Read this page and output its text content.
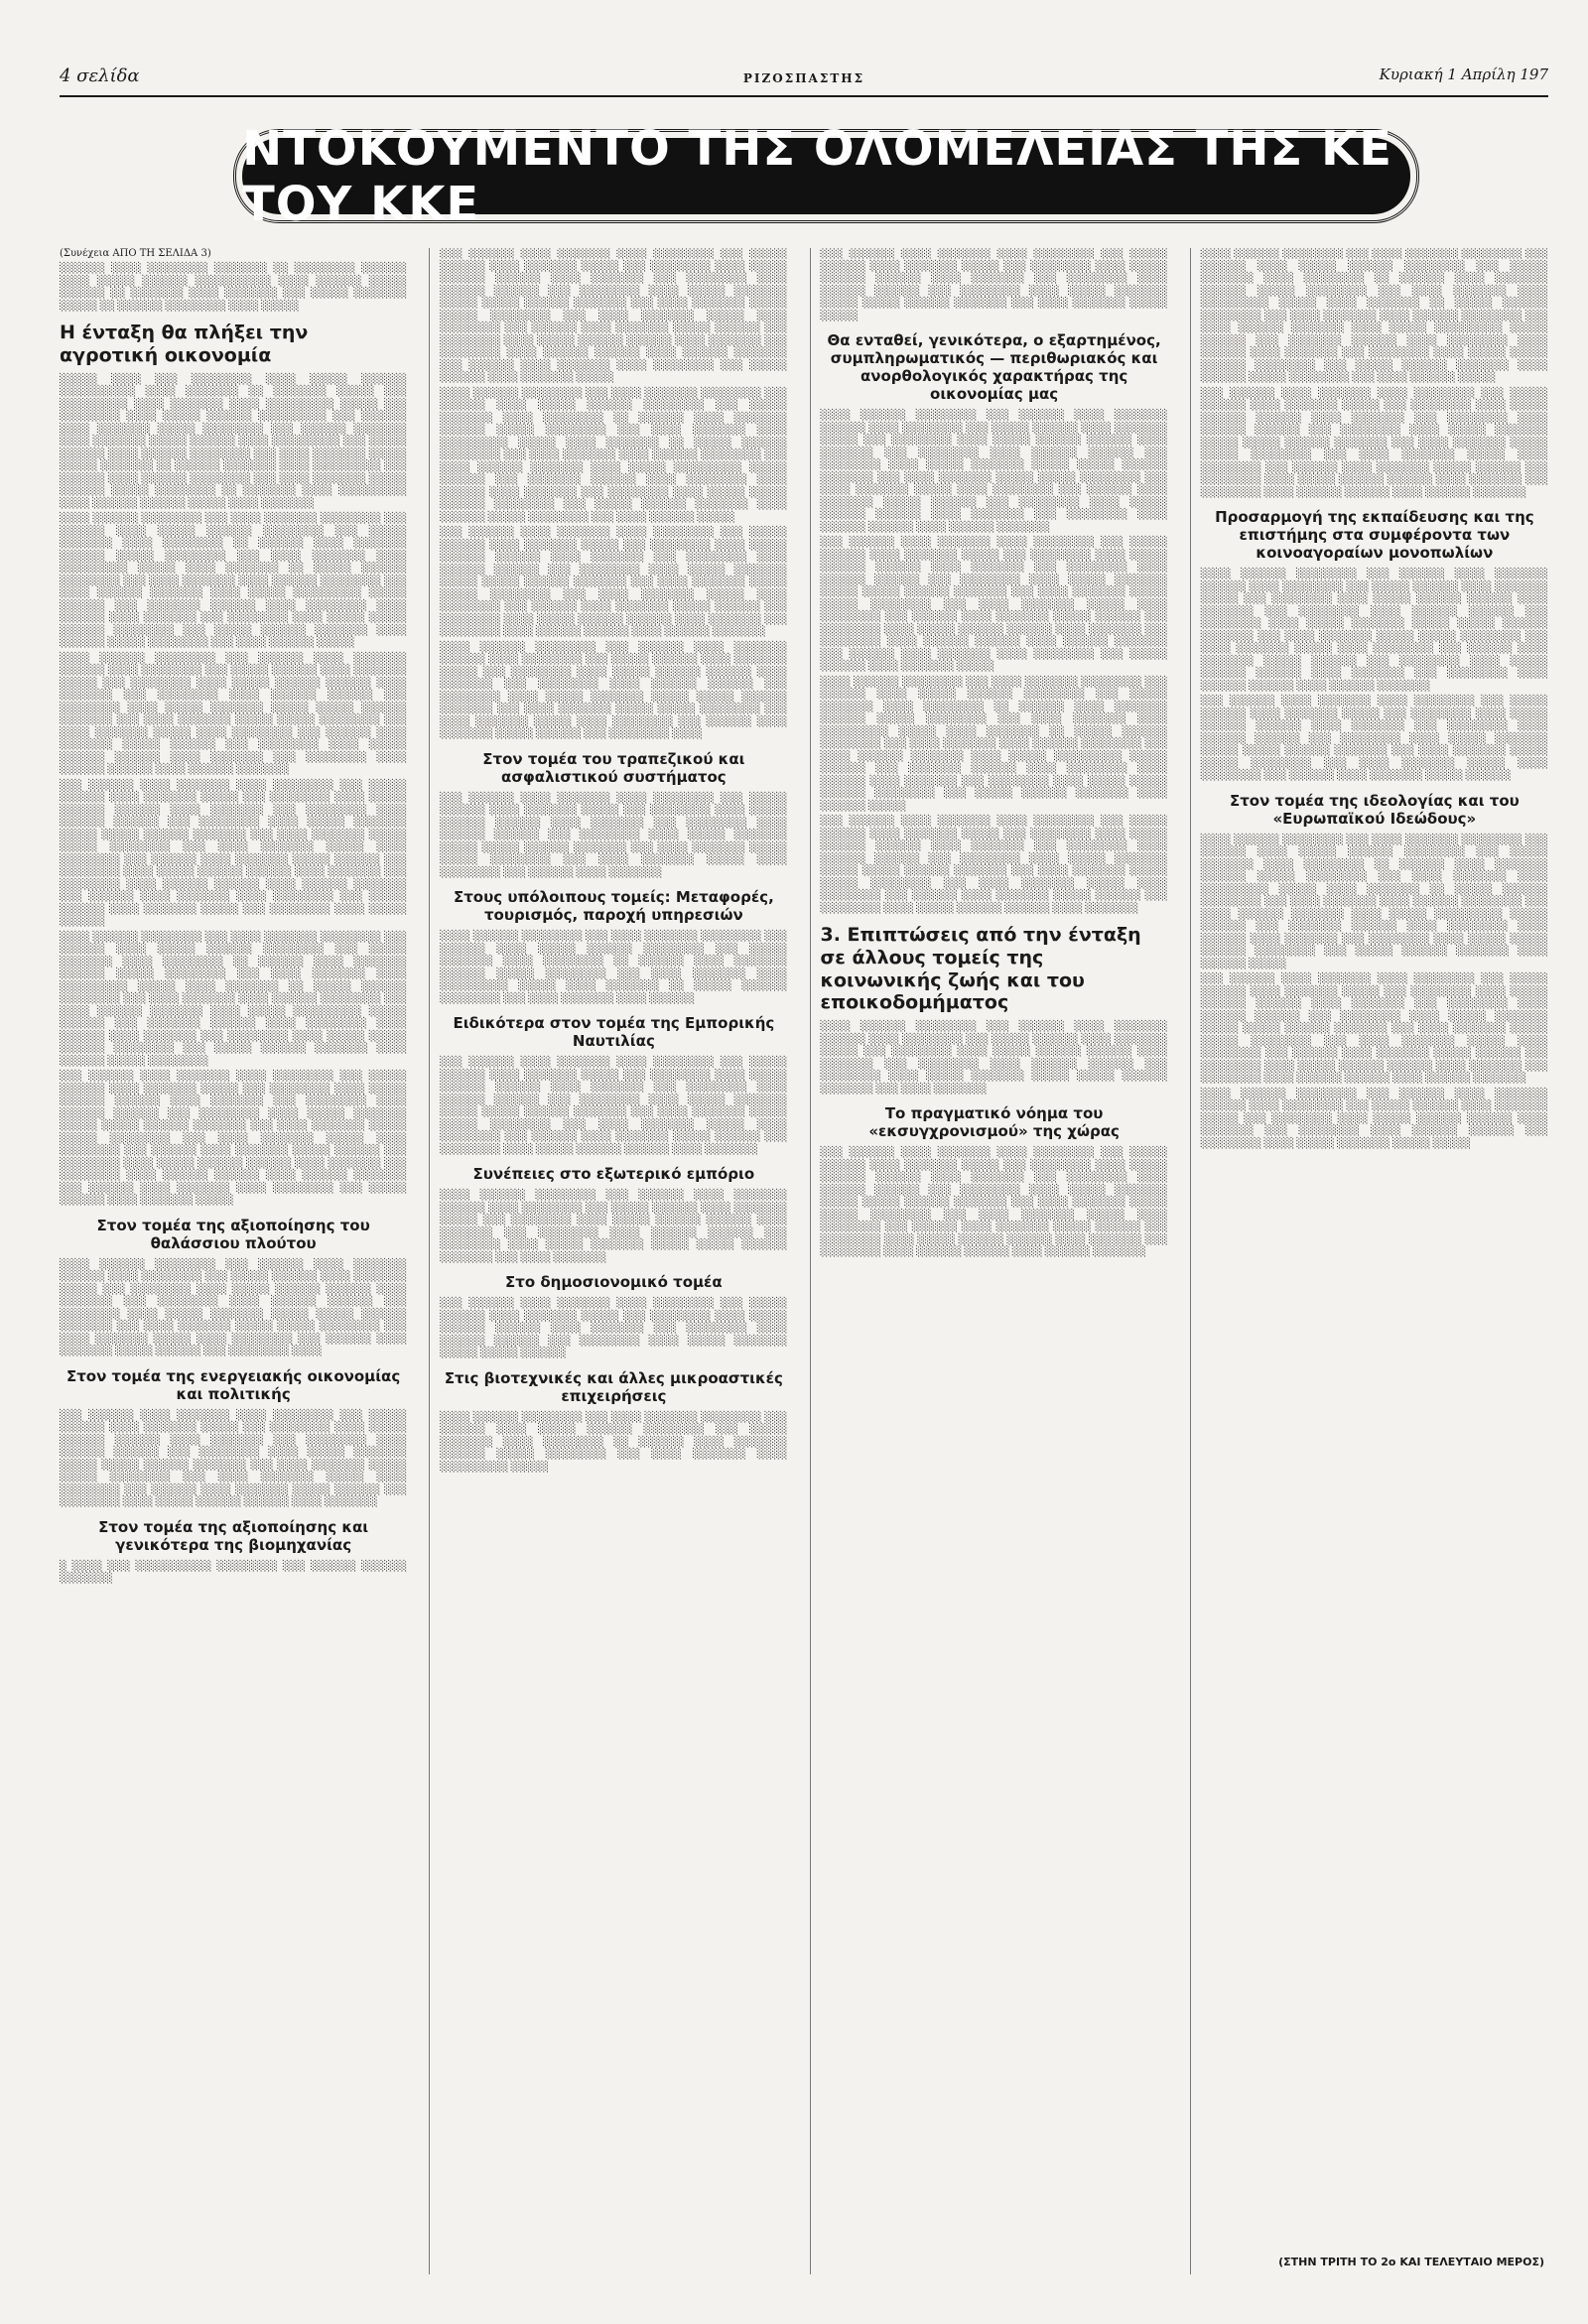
4 σελίδα	ΡΙΖΟΣΠΑΣΤΗΣ	Κυριακή 1 Απρίλη 197
ΝΤΟΚΟΥΜΕΝΤΟ ΤΗΣ ΟΛΟΜΕΛΕΙΑΣ ΤΗΣ ΚΕ ΤΟΥ ΚΚΕ
(Συνέχεια ΑΠΟ ΤΗ ΣΕΛΙΔΑ 3)
░░░░░░ ░░░░ ░░░░░░░░ ░░░░░░░ ░░ ░░░░░░░░ ░░░░░░ ░░░░ ░░░░░ ░░░░░░ ░░░░░░░░░░ ░░░░ ░░░░░░ ░░░░░ ░░░░░░ ░░ ░░░░░░░ ░░░░ ░░░░░░░ ░░░ ░░░░░ ░░░░░░░ ░░░░░ ░░ ░░░░░░ ░░░░░░░░ ░░░░ ░░░░░
Η ένταξη θα πλήξει την αγροτική οικονομία
░░░░░ ░░░░ ░░░ ░░░░░░░░ ░░░░ ░░░░░ ░░░░░░ ░░░░░░░░░░ ░░░░ ░░░░░░░ ░░ ░░░░░░░ ░░░░░ ░░░ ░░░░░░░░░ ░░░░ ░░░░░░░ ░░░░ ░░░░░░░░░ ░░░░░ ░░░ ░░░░░░░░ ░░░░ ░░░░░ ░░░░░░ ░░░░░░░░░ ░░░ ░░░░░░ ░░░░ ░░░░░░░ ░░░░░ ░░░░░░░░ ░░░ ░░░░░░ ░░░░░░░ ░░░░ ░░░░░░░ ░░░░░ ░░░░░░ ░░░░ ░░░░░░░░░ ░░░ ░░░░░ ░░░░░░ ░░░░ ░░░░░░ ░░░░░░░░ ░░░ ░░░░ ░░░░░░░ ░░░░░ ░░░░░ ░░░░░░░ ░░ ░░░░░░ ░░░░░░░ ░░░░ ░░░░░░░░░ ░░░ ░░░░░░ ░░░░ ░░░░░░ ░░░░░░░░ ░░░ ░░░░ ░░░░░░░ ░░░░░ ░░░░░░ ░░░░░ ░░░░░░░░ ░░ ░░░░░░░ ░░░░ ░░░░░░░░░ ░░░░ ░░░░░░ ░░░░░░ ░░░░░ ░░░░ ░░░░░░░
░░░░ ░░░░░░ ░░░░░░░░ ░░░ ░░░░ ░░░░░░░ ░░░░░░░░ ░░░ ░░░░░░ ░░░░ ░░░░░ ░░░░░░ ░░░░░░░░ ░░░ ░░░░░ ░░░░░░░ ░░░░ ░░░░░░░░ ░░ ░░░░░░ ░░░░ ░░░░░░░ ░░░░░░ ░░░░░ ░░░░░░░░ ░░░ ░░░░ ░░░░░░░ ░░░░ ░░░░░░░░░ ░░░░░ ░░░░ ░░░░░░░ ░░ ░░░░░ ░░░░░░ ░░░░░░░░ ░░░ ░░░░ ░░░░░░░ ░░░░ ░░░░░░ ░░░░░░░░ ░░░ ░░░░ ░░░░░░ ░░░░░░░ ░░░░ ░░░░░ ░░░░░░░░░ ░░░░░ ░░░░░░ ░░░ ░░░░░░░ ░░░░░░ ░░░░ ░░░░░░░░ ░░░░ ░░░░░░ ░░░░ ░░░░░░░ ░░░ ░░░░░░░░ ░░░░ ░░░░░ ░░░░░ ░░░░░░ ░░░░░░░░ ░░░ ░░░░░ ░░░░░░ ░░░░░░░ ░░░░ ░░░░░░ ░░░░░ ░░░░░░░░ ░░░ ░░░░ ░░░░░░ ░░░░░
░░░░ ░░░░░░ ░░░░░░░░ ░░░ ░░░░░░ ░░░░ ░░░░░░░ ░░░░░░ ░░░░ ░░░░░░░░ ░░░ ░░░░░ ░░░░░░ ░░░░ ░░░░░░░ ░░░░░ ░░░ ░░░░░░░░ ░░░░ ░░░░░ ░░░░░░ ░░░░░░ ░░░░ ░░░░░░░ ░░░ ░░░░░░░░ ░░░░ ░░░░░░ ░░░░░░ ░░░ ░░░░░░░░ ░░░░ ░░░░░ ░░░░░░░ ░░░░░ ░░░░░ ░░░░░░ ░░░░░░░ ░░░ ░░░░ ░░░░░░░ ░░░░░ ░░░░░ ░░░░░░░░ ░░░ ░░░░ ░░░░░░░ ░░░░░ ░░░░ ░░░░░░░░ ░░░ ░░░░░░ ░░░░ ░░░░░░░ ░░░░░ ░░░░░░ ░░░ ░░░░░░░░ ░░░░ ░░░░░ ░░░░░░ ░░░░░░ ░░░░ ░░░░░░░ ░░░ ░░░░░░░░ ░░░░ ░░░░░░ ░░░░░░ ░░░░ ░░░░░░ ░░░░░░░
░░░ ░░░░░░ ░░░░ ░░░░░░░ ░░░░ ░░░░░░░░ ░░░ ░░░░░ ░░░░░░ ░░░░ ░░░░░░░ ░░░░░ ░░░ ░░░░░░░░ ░░░░ ░░░░░ ░░░░░░ ░░░░░░ ░░░░ ░░░░░░░ ░░░ ░░░░░░░░ ░░░░ ░░░░░░ ░░░░░░ ░░░ ░░░░░░░░ ░░░░ ░░░░░ ░░░░░░░ ░░░░░ ░░░░░ ░░░░░░ ░░░░░░░ ░░░ ░░░░ ░░░░░░░ ░░░░░ ░░░░░ ░░░░░░░░ ░░░ ░░░░ ░░░░░░░ ░░░░░ ░░░░ ░░░░░░░░ ░░░ ░░░░░░ ░░░░ ░░░░░░░ ░░░░░ ░░░░░░ ░░░ ░░░░░░░░ ░░░░ ░░░░░ ░░░░░░ ░░░░░░ ░░░░ ░░░░░░░ ░░░ ░░░░░░░░ ░░░░ ░░░░░░ ░░░░░░ ░░░░ ░░░░░░ ░░░░░░░ ░░░ ░░░░░░ ░░░░ ░░░░░░░ ░░░░ ░░░░░░░░ ░░░ ░░░░░ ░░░░░░ ░░░░ ░░░░░░░ ░░░░░ ░░░ ░░░░░░░░ ░░░░ ░░░░░ ░░░░░░
░░░░ ░░░░░░ ░░░░░░░░ ░░░ ░░░░ ░░░░░░░ ░░░░░░░░ ░░░ ░░░░░░ ░░░░ ░░░░░ ░░░░░░ ░░░░░░░░ ░░░ ░░░░░ ░░░░░░░ ░░░░ ░░░░░░░░ ░░ ░░░░░░ ░░░░ ░░░░░░░ ░░░░░░ ░░░░░ ░░░░░░░░ ░░░ ░░░░ ░░░░░░░ ░░░░ ░░░░░░░░░ ░░░░░ ░░░░ ░░░░░░░ ░░ ░░░░░ ░░░░░░ ░░░░░░░░ ░░░ ░░░░ ░░░░░░░ ░░░░ ░░░░░░ ░░░░░░░░ ░░░ ░░░░ ░░░░░░ ░░░░░░░ ░░░░ ░░░░░ ░░░░░░░░░ ░░░░░ ░░░░░░ ░░░ ░░░░░░░ ░░░░░░ ░░░░ ░░░░░░░░ ░░░░ ░░░░░░ ░░░░ ░░░░░░░ ░░░ ░░░░░░░░ ░░░░ ░░░░░ ░░░░░ ░░░░░░ ░░░░░░░░ ░░░ ░░░░░ ░░░░░░ ░░░░░░░ ░░░░ ░░░░░░ ░░░░░ ░░░░░░░░
░░░ ░░░░░░ ░░░░ ░░░░░░░ ░░░░ ░░░░░░░░ ░░░ ░░░░░ ░░░░░░ ░░░░ ░░░░░░░ ░░░░░ ░░░ ░░░░░░░░ ░░░░ ░░░░░ ░░░░░░ ░░░░░░ ░░░░ ░░░░░░░ ░░░ ░░░░░░░░ ░░░░ ░░░░░░ ░░░░░░ ░░░ ░░░░░░░░ ░░░░ ░░░░░ ░░░░░░░ ░░░░░ ░░░░░ ░░░░░░ ░░░░░░░ ░░░ ░░░░ ░░░░░░░ ░░░░░ ░░░░░ ░░░░░░░░ ░░░ ░░░░ ░░░░░░░ ░░░░░ ░░░░ ░░░░░░░░ ░░░ ░░░░░░ ░░░░ ░░░░░░░ ░░░░░ ░░░░░░ ░░░ ░░░░░░░░ ░░░░ ░░░░░ ░░░░░░ ░░░░░░ ░░░░ ░░░░░░░ ░░░ ░░░░░░░░ ░░░░ ░░░░░░ ░░░░░░ ░░░░ ░░░░░░ ░░░░░░░ ░░░ ░░░░░░ ░░░░ ░░░░░░░ ░░░░ ░░░░░░░░ ░░░ ░░░░░ ░░░░░░ ░░░░ ░░░░░░░ ░░░░░
Στον τομέα της αξιοποίησης του θαλάσσιου πλούτου
░░░░ ░░░░░░ ░░░░░░░░ ░░░ ░░░░░░ ░░░░ ░░░░░░░ ░░░░░░ ░░░░ ░░░░░░░░ ░░░ ░░░░░ ░░░░░░ ░░░░ ░░░░░░░ ░░░░░ ░░░ ░░░░░░░░ ░░░░ ░░░░░ ░░░░░░ ░░░░░░ ░░░░ ░░░░░░░ ░░░ ░░░░░░░░ ░░░░ ░░░░░░ ░░░░░░ ░░░ ░░░░░░░░ ░░░░ ░░░░░ ░░░░░░░ ░░░░░ ░░░░░ ░░░░░░ ░░░░░░░ ░░░ ░░░░ ░░░░░░░ ░░░░░ ░░░░░ ░░░░░░░░ ░░░ ░░░░ ░░░░░░░ ░░░░░ ░░░░ ░░░░░░░░ ░░░ ░░░░░░ ░░░░ ░░░░░░░ ░░░░░ ░░░░░░ ░░░ ░░░░░░░░ ░░░░
Στον τομέα της ενεργειακής οικονομίας και πολιτικής
░░░ ░░░░░░ ░░░░ ░░░░░░░ ░░░░ ░░░░░░░░ ░░░ ░░░░░ ░░░░░░ ░░░░ ░░░░░░░ ░░░░░ ░░░ ░░░░░░░░ ░░░░ ░░░░░ ░░░░░░ ░░░░░░ ░░░░ ░░░░░░░ ░░░ ░░░░░░░░ ░░░░ ░░░░░░ ░░░░░░ ░░░ ░░░░░░░░ ░░░░ ░░░░░ ░░░░░░░ ░░░░░ ░░░░░ ░░░░░░ ░░░░░░░ ░░░ ░░░░ ░░░░░░░ ░░░░░ ░░░░░ ░░░░░░░░ ░░░ ░░░░ ░░░░░░░ ░░░░░ ░░░░ ░░░░░░░░ ░░░ ░░░░░░ ░░░░ ░░░░░░░ ░░░░░ ░░░░░░ ░░░ ░░░░░░░░ ░░░░ ░░░░░ ░░░░░░ ░░░░░░ ░░░░ ░░░░░░░
Στον τομέα της αξιοποίησης και γενικότερα της βιομηχανίας
░ ░░░░ ░░░ ░░░░░░░░░░ ░░░░░░░░ ░░░ ░░░░░░ ░░░░░░ ░░░░░░░
░░░ ░░░░░░ ░░░░ ░░░░░░░ ░░░░ ░░░░░░░░ ░░░ ░░░░░ ░░░░░░ ░░░░ ░░░░░░░ ░░░░░ ░░░ ░░░░░░░░ ░░░░ ░░░░░ ░░░░░░ ░░░░░░ ░░░░ ░░░░░░░ ░░░ ░░░░░░░░ ░░░░ ░░░░░░ ░░░░░░ ░░░ ░░░░░░░░ ░░░░ ░░░░░ ░░░░░░░ ░░░░░ ░░░░░ ░░░░░░ ░░░░░░░ ░░░ ░░░░ ░░░░░░░ ░░░░░ ░░░░░ ░░░░░░░░ ░░░ ░░░░ ░░░░░░░ ░░░░░ ░░░░ ░░░░░░░░ ░░░ ░░░░░░ ░░░░ ░░░░░░░ ░░░░░ ░░░░░░ ░░░ ░░░░░░░░ ░░░░ ░░░░░ ░░░░░░ ░░░░░░ ░░░░ ░░░░░░░ ░░░ ░░░░░░░░ ░░░░ ░░░░░░ ░░░░░░ ░░░░ ░░░░░░ ░░░░░░░ ░░░ ░░░░░░ ░░░░ ░░░░░░░ ░░░░ ░░░░░░░░ ░░░ ░░░░░ ░░░░░░ ░░░░ ░░░░░░░ ░░░░░
░░░░ ░░░░░░ ░░░░░░░░ ░░░ ░░░░ ░░░░░░░ ░░░░░░░░ ░░░ ░░░░░░ ░░░░ ░░░░░ ░░░░░░ ░░░░░░░░ ░░░ ░░░░░ ░░░░░░░ ░░░░ ░░░░░░░░ ░░ ░░░░░░ ░░░░ ░░░░░░░ ░░░░░░ ░░░░░ ░░░░░░░░ ░░░ ░░░░ ░░░░░░░ ░░░░ ░░░░░░░░░ ░░░░░ ░░░░ ░░░░░░░ ░░ ░░░░░ ░░░░░░ ░░░░░░░░ ░░░ ░░░░ ░░░░░░░ ░░░░ ░░░░░░ ░░░░░░░░ ░░░ ░░░░ ░░░░░░ ░░░░░░░ ░░░░ ░░░░░ ░░░░░░░░░ ░░░░░ ░░░░░░ ░░░ ░░░░░░░ ░░░░░░ ░░░░ ░░░░░░░░ ░░░░ ░░░░░░ ░░░░ ░░░░░░░ ░░░ ░░░░░░░░ ░░░░ ░░░░░ ░░░░░ ░░░░░░ ░░░░░░░░ ░░░ ░░░░░ ░░░░░░ ░░░░░░░ ░░░░ ░░░░░░ ░░░░░ ░░░░░░░░ ░░░ ░░░░ ░░░░░░ ░░░░░
░░░ ░░░░░░ ░░░░ ░░░░░░░ ░░░░ ░░░░░░░░ ░░░ ░░░░░ ░░░░░░ ░░░░ ░░░░░░░ ░░░░░ ░░░ ░░░░░░░░ ░░░░ ░░░░░ ░░░░░░ ░░░░░░ ░░░░ ░░░░░░░ ░░░ ░░░░░░░░ ░░░░ ░░░░░░ ░░░░░░ ░░░ ░░░░░░░░ ░░░░ ░░░░░ ░░░░░░░ ░░░░░ ░░░░░ ░░░░░░ ░░░░░░░ ░░░ ░░░░ ░░░░░░░ ░░░░░ ░░░░░ ░░░░░░░░ ░░░ ░░░░ ░░░░░░░ ░░░░░ ░░░░ ░░░░░░░░ ░░░ ░░░░░░ ░░░░ ░░░░░░░ ░░░░░ ░░░░░░ ░░░ ░░░░░░░░ ░░░░ ░░░░░ ░░░░░░ ░░░░░░ ░░░░ ░░░░░░░ ░░░ ░░░░░░░░ ░░░░ ░░░░░░ ░░░░░░ ░░░░ ░░░░░░ ░░░░░░░
░░░░ ░░░░░░ ░░░░░░░░ ░░░ ░░░░░░ ░░░░ ░░░░░░░ ░░░░░░ ░░░░ ░░░░░░░░ ░░░ ░░░░░ ░░░░░░ ░░░░ ░░░░░░░ ░░░░░ ░░░ ░░░░░░░░ ░░░░ ░░░░░ ░░░░░░ ░░░░░░ ░░░░ ░░░░░░░ ░░░ ░░░░░░░░ ░░░░ ░░░░░░ ░░░░░░ ░░░ ░░░░░░░░ ░░░░ ░░░░░ ░░░░░░░ ░░░░░ ░░░░░ ░░░░░░ ░░░░░░░ ░░░ ░░░░ ░░░░░░░ ░░░░░ ░░░░░ ░░░░░░░░ ░░░ ░░░░ ░░░░░░░ ░░░░░ ░░░░ ░░░░░░░░ ░░░ ░░░░░░ ░░░░ ░░░░░░░ ░░░░░ ░░░░░░ ░░░ ░░░░░░░░ ░░░░
Στον τομέα του τραπεζικού και ασφαλιστικού συστήματος
░░░ ░░░░░░ ░░░░ ░░░░░░░ ░░░░ ░░░░░░░░ ░░░ ░░░░░ ░░░░░░ ░░░░ ░░░░░░░ ░░░░░ ░░░ ░░░░░░░░ ░░░░ ░░░░░ ░░░░░░ ░░░░░░ ░░░░ ░░░░░░░ ░░░ ░░░░░░░░ ░░░░ ░░░░░░ ░░░░░░ ░░░ ░░░░░░░░ ░░░░ ░░░░░ ░░░░░░░ ░░░░░ ░░░░░ ░░░░░░ ░░░░░░░ ░░░ ░░░░ ░░░░░░░ ░░░░░ ░░░░░ ░░░░░░░░ ░░░ ░░░░ ░░░░░░░ ░░░░░ ░░░░ ░░░░░░░░ ░░░ ░░░░░░ ░░░░ ░░░░░░░
Στους υπόλοιπους τομείς: Μεταφορές, τουρισμός, παροχή υπηρεσιών
░░░░ ░░░░░░ ░░░░░░░░ ░░░ ░░░░ ░░░░░░░ ░░░░░░░░ ░░░ ░░░░░░ ░░░░ ░░░░░ ░░░░░░ ░░░░░░░░ ░░░ ░░░░░ ░░░░░░░ ░░░░ ░░░░░░░░ ░░ ░░░░░░ ░░░░ ░░░░░░░ ░░░░░░ ░░░░░ ░░░░░░░░ ░░░ ░░░░ ░░░░░░░ ░░░░ ░░░░░░░░░ ░░░░░ ░░░░ ░░░░░░░ ░░ ░░░░░ ░░░░░░ ░░░░░░░░ ░░░ ░░░░ ░░░░░░░ ░░░░ ░░░░░░
Ειδικότερα στον τομέα της Εμπορικής Ναυτιλίας
░░░ ░░░░░░ ░░░░ ░░░░░░░ ░░░░ ░░░░░░░░ ░░░ ░░░░░ ░░░░░░ ░░░░ ░░░░░░░ ░░░░░ ░░░ ░░░░░░░░ ░░░░ ░░░░░ ░░░░░░ ░░░░░░ ░░░░ ░░░░░░░ ░░░ ░░░░░░░░ ░░░░ ░░░░░░ ░░░░░░ ░░░ ░░░░░░░░ ░░░░ ░░░░░ ░░░░░░░ ░░░░░ ░░░░░ ░░░░░░ ░░░░░░░ ░░░ ░░░░ ░░░░░░░ ░░░░░ ░░░░░ ░░░░░░░░ ░░░ ░░░░ ░░░░░░░ ░░░░░ ░░░░ ░░░░░░░░ ░░░ ░░░░░░ ░░░░ ░░░░░░░ ░░░░░ ░░░░░░ ░░░ ░░░░░░░░ ░░░░ ░░░░░ ░░░░░░ ░░░░░░ ░░░░ ░░░░░░░
Συνέπειες στο εξωτερικό εμπόριο
░░░░ ░░░░░░ ░░░░░░░░ ░░░ ░░░░░░ ░░░░ ░░░░░░░ ░░░░░░ ░░░░ ░░░░░░░░ ░░░ ░░░░░ ░░░░░░ ░░░░ ░░░░░░░ ░░░░░ ░░░ ░░░░░░░░ ░░░░ ░░░░░ ░░░░░░ ░░░░░░ ░░░░ ░░░░░░░ ░░░ ░░░░░░░░ ░░░░ ░░░░░░ ░░░░░░ ░░░ ░░░░░░░░ ░░░░ ░░░░░ ░░░░░░░ ░░░░░ ░░░░░ ░░░░░░ ░░░░░░░ ░░░ ░░░░ ░░░░░░░
Στο δημοσιονομικό τομέα
░░░ ░░░░░░ ░░░░ ░░░░░░░ ░░░░ ░░░░░░░░ ░░░ ░░░░░ ░░░░░░ ░░░░ ░░░░░░░ ░░░░░ ░░░ ░░░░░░░░ ░░░░ ░░░░░ ░░░░░░ ░░░░░░ ░░░░ ░░░░░░░ ░░░ ░░░░░░░░ ░░░░ ░░░░░░ ░░░░░░ ░░░ ░░░░░░░░ ░░░░ ░░░░░ ░░░░░░░ ░░░░░ ░░░░░ ░░░░░░
Στις βιοτεχνικές και άλλες μικροαστικές επιχειρήσεις
░░░░ ░░░░░░ ░░░░░░░░ ░░░ ░░░░ ░░░░░░░ ░░░░░░░░ ░░░ ░░░░░░ ░░░░ ░░░░░ ░░░░░░ ░░░░░░░░ ░░░ ░░░░░ ░░░░░░░ ░░░░ ░░░░░░░░ ░░ ░░░░░░ ░░░░ ░░░░░░░ ░░░░░░ ░░░░░ ░░░░░░░░ ░░░ ░░░░ ░░░░░░░ ░░░░ ░░░░░░░░░ ░░░░░
░░░ ░░░░░░ ░░░░ ░░░░░░░ ░░░░ ░░░░░░░░ ░░░ ░░░░░ ░░░░░░ ░░░░ ░░░░░░░ ░░░░░ ░░░ ░░░░░░░░ ░░░░ ░░░░░ ░░░░░░ ░░░░░░ ░░░░ ░░░░░░░ ░░░ ░░░░░░░░ ░░░░ ░░░░░░ ░░░░░░ ░░░ ░░░░░░░░ ░░░░ ░░░░░ ░░░░░░░ ░░░░░ ░░░░░ ░░░░░░ ░░░░░░░ ░░░ ░░░░ ░░░░░░░ ░░░░░ ░░░░░
Θα ενταθεί, γενικότερα, ο εξαρτημένος, συμπληρωματικός — περιθωριακός και ανορθολογικός χαρακτήρας της οικονομίας μας
░░░░ ░░░░░░ ░░░░░░░░ ░░░ ░░░░░░ ░░░░ ░░░░░░░ ░░░░░░ ░░░░ ░░░░░░░░ ░░░ ░░░░░ ░░░░░░ ░░░░ ░░░░░░░ ░░░░░ ░░░ ░░░░░░░░ ░░░░ ░░░░░ ░░░░░░ ░░░░░░ ░░░░ ░░░░░░░ ░░░ ░░░░░░░░ ░░░░ ░░░░░░ ░░░░░░ ░░░ ░░░░░░░░ ░░░░ ░░░░░ ░░░░░░░ ░░░░░ ░░░░░ ░░░░░░ ░░░░░░░ ░░░ ░░░░ ░░░░░░░ ░░░░░ ░░░░░ ░░░░░░░░ ░░░ ░░░░ ░░░░░░░ ░░░░░ ░░░░ ░░░░░░░░ ░░░ ░░░░░░ ░░░░ ░░░░░░░ ░░░░░ ░░░░░░ ░░░ ░░░░░░░░ ░░░░ ░░░░░ ░░░░░░ ░░░░░░ ░░░░ ░░░░░░░ ░░░ ░░░░░░░░ ░░░░ ░░░░░░ ░░░░░░ ░░░░ ░░░░░░ ░░░░░░░
░░░ ░░░░░░ ░░░░ ░░░░░░░ ░░░░ ░░░░░░░░ ░░░ ░░░░░ ░░░░░░ ░░░░ ░░░░░░░ ░░░░░ ░░░ ░░░░░░░░ ░░░░ ░░░░░ ░░░░░░ ░░░░░░ ░░░░ ░░░░░░░ ░░░ ░░░░░░░░ ░░░░ ░░░░░░ ░░░░░░ ░░░ ░░░░░░░░ ░░░░ ░░░░░ ░░░░░░░ ░░░░░ ░░░░░ ░░░░░░ ░░░░░░░ ░░░ ░░░░ ░░░░░░░ ░░░░░ ░░░░░ ░░░░░░░░ ░░░ ░░░░ ░░░░░░░ ░░░░░ ░░░░ ░░░░░░░░ ░░░ ░░░░░░ ░░░░ ░░░░░░░ ░░░░░ ░░░░░░ ░░░ ░░░░░░░░ ░░░░ ░░░░░ ░░░░░░ ░░░░░░ ░░░░ ░░░░░░░ ░░░ ░░░░░░░░ ░░░░ ░░░░░░ ░░░░░░ ░░░░ ░░░░░░ ░░░░░░░ ░░░ ░░░░░░ ░░░░ ░░░░░░░ ░░░░ ░░░░░░░░ ░░░ ░░░░░ ░░░░░░ ░░░░ ░░░░░░░ ░░░░░
░░░░ ░░░░░░ ░░░░░░░░ ░░░ ░░░░ ░░░░░░░ ░░░░░░░░ ░░░ ░░░░░░ ░░░░ ░░░░░ ░░░░░░ ░░░░░░░░ ░░░ ░░░░░ ░░░░░░░ ░░░░ ░░░░░░░░ ░░ ░░░░░░ ░░░░ ░░░░░░░ ░░░░░░ ░░░░░ ░░░░░░░░ ░░░ ░░░░ ░░░░░░░ ░░░░ ░░░░░░░░░ ░░░░░ ░░░░ ░░░░░░░ ░░ ░░░░░ ░░░░░░ ░░░░░░░░ ░░░ ░░░░ ░░░░░░░ ░░░░ ░░░░░░ ░░░░░░░░ ░░░ ░░░░ ░░░░░░ ░░░░░░░ ░░░░ ░░░░░ ░░░░░░░░░ ░░░░░ ░░░░░░ ░░░ ░░░░░░░ ░░░░░░ ░░░░ ░░░░░░░░ ░░░░ ░░░░░░ ░░░░ ░░░░░░░ ░░░ ░░░░░░░░ ░░░░ ░░░░░ ░░░░░ ░░░░░░ ░░░░░░░░ ░░░ ░░░░░ ░░░░░░ ░░░░░░░ ░░░░ ░░░░░░ ░░░░░
░░░ ░░░░░░ ░░░░ ░░░░░░░ ░░░░ ░░░░░░░░ ░░░ ░░░░░ ░░░░░░ ░░░░ ░░░░░░░ ░░░░░ ░░░ ░░░░░░░░ ░░░░ ░░░░░ ░░░░░░ ░░░░░░ ░░░░ ░░░░░░░ ░░░ ░░░░░░░░ ░░░░ ░░░░░░ ░░░░░░ ░░░ ░░░░░░░░ ░░░░ ░░░░░ ░░░░░░░ ░░░░░ ░░░░░ ░░░░░░ ░░░░░░░ ░░░ ░░░░ ░░░░░░░ ░░░░░ ░░░░░ ░░░░░░░░ ░░░ ░░░░ ░░░░░░░ ░░░░░ ░░░░ ░░░░░░░░ ░░░ ░░░░░░ ░░░░ ░░░░░░░ ░░░░░ ░░░░░░ ░░░ ░░░░░░░░ ░░░░ ░░░░░ ░░░░░░ ░░░░░░ ░░░░ ░░░░░░░
3. Επιπτώσεις από την ένταξη σε άλλους τομείς της κοινωνικής ζωής και του εποικοδομήματος
░░░░ ░░░░░░ ░░░░░░░░ ░░░ ░░░░░░ ░░░░ ░░░░░░░ ░░░░░░ ░░░░ ░░░░░░░░ ░░░ ░░░░░ ░░░░░░ ░░░░ ░░░░░░░ ░░░░░ ░░░ ░░░░░░░░ ░░░░ ░░░░░ ░░░░░░ ░░░░░░ ░░░░ ░░░░░░░ ░░░ ░░░░░░░░ ░░░░ ░░░░░░ ░░░░░░ ░░░ ░░░░░░░░ ░░░░ ░░░░░ ░░░░░░░ ░░░░░ ░░░░░ ░░░░░░ ░░░░░░░ ░░░ ░░░░ ░░░░░░░
Το πραγματικό νόημα του «εκσυγχρονισμού» της χώρας
░░░ ░░░░░░ ░░░░ ░░░░░░░ ░░░░ ░░░░░░░░ ░░░ ░░░░░ ░░░░░░ ░░░░ ░░░░░░░ ░░░░░ ░░░ ░░░░░░░░ ░░░░ ░░░░░ ░░░░░░ ░░░░░░ ░░░░ ░░░░░░░ ░░░ ░░░░░░░░ ░░░░ ░░░░░░ ░░░░░░ ░░░ ░░░░░░░░ ░░░░ ░░░░░ ░░░░░░░ ░░░░░ ░░░░░ ░░░░░░ ░░░░░░░ ░░░ ░░░░ ░░░░░░░ ░░░░░ ░░░░░ ░░░░░░░░ ░░░ ░░░░ ░░░░░░░ ░░░░░ ░░░░ ░░░░░░░░ ░░░ ░░░░░░ ░░░░ ░░░░░░░ ░░░░░ ░░░░░░ ░░░ ░░░░░░░░ ░░░░ ░░░░░ ░░░░░░ ░░░░░░ ░░░░ ░░░░░░░ ░░░ ░░░░░░░░ ░░░░ ░░░░░░ ░░░░░░ ░░░░ ░░░░░░ ░░░░░░░
░░░░ ░░░░░░ ░░░░░░░░ ░░░ ░░░░ ░░░░░░░ ░░░░░░░░ ░░░ ░░░░░░ ░░░░ ░░░░░ ░░░░░░ ░░░░░░░░ ░░░ ░░░░░ ░░░░░░░ ░░░░ ░░░░░░░░ ░░ ░░░░░░ ░░░░ ░░░░░░░ ░░░░░░ ░░░░░ ░░░░░░░░ ░░░ ░░░░ ░░░░░░░ ░░░░ ░░░░░░░░░ ░░░░░ ░░░░ ░░░░░░░ ░░ ░░░░░ ░░░░░░ ░░░░░░░░ ░░░ ░░░░ ░░░░░░░ ░░░░ ░░░░░░ ░░░░░░░░ ░░░ ░░░░ ░░░░░░ ░░░░░░░ ░░░░ ░░░░░ ░░░░░░░░░ ░░░░░ ░░░░░░ ░░░ ░░░░░░░ ░░░░░░ ░░░░ ░░░░░░░░ ░░░░ ░░░░░░ ░░░░ ░░░░░░░ ░░░ ░░░░░░░░ ░░░░ ░░░░░ ░░░░░ ░░░░░░ ░░░░░░░░ ░░░ ░░░░░ ░░░░░░ ░░░░░░░ ░░░░ ░░░░░░ ░░░░░ ░░░░░░░░ ░░░ ░░░░ ░░░░░░ ░░░░░
░░░ ░░░░░░ ░░░░ ░░░░░░░ ░░░░ ░░░░░░░░ ░░░ ░░░░░ ░░░░░░ ░░░░ ░░░░░░░ ░░░░░ ░░░ ░░░░░░░░ ░░░░ ░░░░░ ░░░░░░ ░░░░░░ ░░░░ ░░░░░░░ ░░░ ░░░░░░░░ ░░░░ ░░░░░░ ░░░░░░ ░░░ ░░░░░░░░ ░░░░ ░░░░░ ░░░░░░░ ░░░░░ ░░░░░ ░░░░░░ ░░░░░░░ ░░░ ░░░░ ░░░░░░░ ░░░░░ ░░░░░ ░░░░░░░░ ░░░ ░░░░ ░░░░░░░ ░░░░░ ░░░░ ░░░░░░░░ ░░░ ░░░░░░ ░░░░ ░░░░░░░ ░░░░░ ░░░░░░ ░░░ ░░░░░░░░ ░░░░ ░░░░░ ░░░░░░ ░░░░░░ ░░░░ ░░░░░░░ ░░░ ░░░░░░░░ ░░░░ ░░░░░░ ░░░░░░ ░░░░ ░░░░░░ ░░░░░░░
Προσαρμογή της εκπαίδευσης και της επιστήμης στα συμφέροντα των κοινοαγοραίων μονοπωλίων
░░░░ ░░░░░░ ░░░░░░░░ ░░░ ░░░░░░ ░░░░ ░░░░░░░ ░░░░░░ ░░░░ ░░░░░░░░ ░░░ ░░░░░ ░░░░░░ ░░░░ ░░░░░░░ ░░░░░ ░░░ ░░░░░░░░ ░░░░ ░░░░░ ░░░░░░ ░░░░░░ ░░░░ ░░░░░░░ ░░░ ░░░░░░░░ ░░░░ ░░░░░░ ░░░░░░ ░░░ ░░░░░░░░ ░░░░ ░░░░░ ░░░░░░░ ░░░░░ ░░░░░ ░░░░░░ ░░░░░░░ ░░░ ░░░░ ░░░░░░░ ░░░░░ ░░░░░ ░░░░░░░░ ░░░ ░░░░ ░░░░░░░ ░░░░░ ░░░░ ░░░░░░░░ ░░░ ░░░░░░ ░░░░ ░░░░░░░ ░░░░░ ░░░░░░ ░░░ ░░░░░░░░ ░░░░ ░░░░░ ░░░░░░ ░░░░░░ ░░░░ ░░░░░░░ ░░░ ░░░░░░░░ ░░░░ ░░░░░░ ░░░░░░ ░░░░ ░░░░░░ ░░░░░░░
░░░ ░░░░░░ ░░░░ ░░░░░░░ ░░░░ ░░░░░░░░ ░░░ ░░░░░ ░░░░░░ ░░░░ ░░░░░░░ ░░░░░ ░░░ ░░░░░░░░ ░░░░ ░░░░░ ░░░░░░ ░░░░░░ ░░░░ ░░░░░░░ ░░░ ░░░░░░░░ ░░░░ ░░░░░░ ░░░░░░ ░░░ ░░░░░░░░ ░░░░ ░░░░░ ░░░░░░░ ░░░░░ ░░░░░ ░░░░░░ ░░░░░░░ ░░░ ░░░░ ░░░░░░░ ░░░░░ ░░░░░ ░░░░░░░░ ░░░ ░░░░ ░░░░░░░ ░░░░░ ░░░░ ░░░░░░░░ ░░░ ░░░░░░ ░░░░ ░░░░░░░ ░░░░░ ░░░░░░
Στον τομέα της ιδεολογίας και του «Ευρωπαϊκού Ιδεώδους»
░░░░ ░░░░░░ ░░░░░░░░ ░░░ ░░░░ ░░░░░░░ ░░░░░░░░ ░░░ ░░░░░░ ░░░░ ░░░░░ ░░░░░░ ░░░░░░░░ ░░░ ░░░░░ ░░░░░░░ ░░░░ ░░░░░░░░ ░░ ░░░░░░ ░░░░ ░░░░░░░ ░░░░░░ ░░░░░ ░░░░░░░░ ░░░ ░░░░ ░░░░░░░ ░░░░ ░░░░░░░░░ ░░░░░ ░░░░ ░░░░░░░ ░░ ░░░░░ ░░░░░░ ░░░░░░░░ ░░░ ░░░░ ░░░░░░░ ░░░░ ░░░░░░ ░░░░░░░░ ░░░ ░░░░ ░░░░░░ ░░░░░░░ ░░░░ ░░░░░ ░░░░░░░░░ ░░░░░ ░░░░░░ ░░░ ░░░░░░░ ░░░░░░ ░░░░ ░░░░░░░░ ░░░░ ░░░░░░ ░░░░ ░░░░░░░ ░░░ ░░░░░░░░ ░░░░ ░░░░░ ░░░░░ ░░░░░░ ░░░░░░░░ ░░░ ░░░░░ ░░░░░░ ░░░░░░░ ░░░░ ░░░░░░ ░░░░░
░░░ ░░░░░░ ░░░░ ░░░░░░░ ░░░░ ░░░░░░░░ ░░░ ░░░░░ ░░░░░░ ░░░░ ░░░░░░░ ░░░░░ ░░░ ░░░░░░░░ ░░░░ ░░░░░ ░░░░░░ ░░░░░░ ░░░░ ░░░░░░░ ░░░ ░░░░░░░░ ░░░░ ░░░░░░ ░░░░░░ ░░░ ░░░░░░░░ ░░░░ ░░░░░ ░░░░░░░ ░░░░░ ░░░░░ ░░░░░░ ░░░░░░░ ░░░ ░░░░ ░░░░░░░ ░░░░░ ░░░░░ ░░░░░░░░ ░░░ ░░░░ ░░░░░░░ ░░░░░ ░░░░ ░░░░░░░░ ░░░ ░░░░░░ ░░░░ ░░░░░░░ ░░░░░ ░░░░░░ ░░░ ░░░░░░░░ ░░░░ ░░░░░ ░░░░░░ ░░░░░░ ░░░░ ░░░░░░░ ░░░ ░░░░░░░░ ░░░░ ░░░░░░ ░░░░░░ ░░░░ ░░░░░░ ░░░░░░░
░░░░ ░░░░░░ ░░░░░░░░ ░░░ ░░░░░░ ░░░░ ░░░░░░░ ░░░░░░ ░░░░ ░░░░░░░░ ░░░ ░░░░░ ░░░░░░ ░░░░ ░░░░░░░ ░░░░░ ░░░ ░░░░░░░░ ░░░░ ░░░░░ ░░░░░░ ░░░░░░ ░░░░ ░░░░░░░ ░░░ ░░░░░░░░ ░░░░ ░░░░░░ ░░░░░░ ░░░ ░░░░░░░░ ░░░░ ░░░░░ ░░░░░░░ ░░░░░ ░░░░░
(ΣΤΗΝ ΤΡΙΤΗ ΤΟ 2ο ΚΑΙ ΤΕΛΕΥΤΑΙΟ ΜΕΡΟΣ)
